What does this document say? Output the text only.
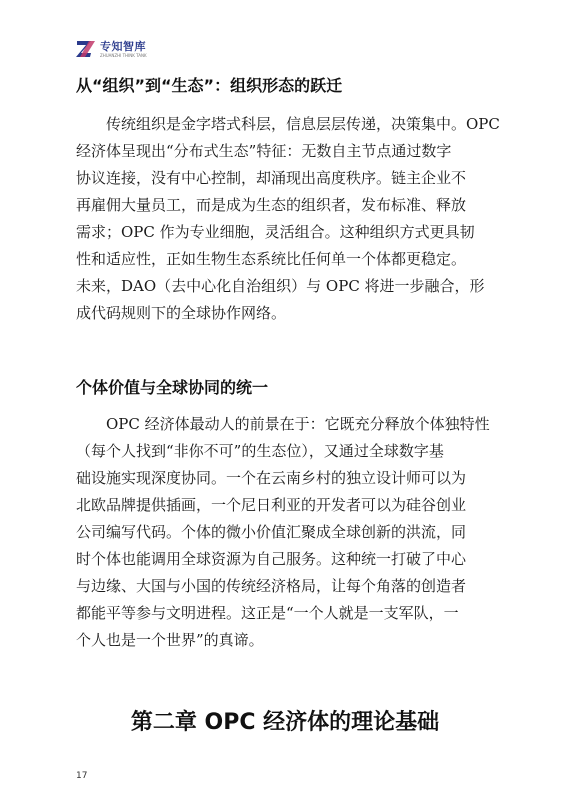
专知智库
ZHUANZHI THINK TANK
从“组织”到“生态”：组织形态的跃迁
　　传统组织是金字塔式科层，信息层层传递，决策集中。OPC
经济体呈现出“分布式生态”特征：无数自主节点通过数字
协议连接，没有中心控制，却涌现出高度秩序。链主企业不
再雇佣大量员工，而是成为生态的组织者，发布标准、释放
需求；OPC 作为专业细胞，灵活组合。这种组织方式更具韧
性和适应性，正如生物生态系统比任何单一个体都更稳定。
未来，DAO（去中心化自治组织）与 OPC 将进一步融合，形
成代码规则下的全球协作网络。
个体价值与全球协同的统一
　　OPC 经济体最动人的前景在于：它既充分释放个体独特性
（每个人找到“非你不可”的生态位），又通过全球数字基
础设施实现深度协同。一个在云南乡村的独立设计师可以为
北欧品牌提供插画，一个尼日利亚的开发者可以为硅谷创业
公司编写代码。个体的微小价值汇聚成全球创新的洪流，同
时个体也能调用全球资源为自己服务。这种统一打破了中心
与边缘、大国与小国的传统经济格局，让每个角落的创造者
都能平等参与文明进程。这正是“一个人就是一支军队，一
个人也是一个世界”的真谛。
第二章 OPC 经济体的理论基础
17
